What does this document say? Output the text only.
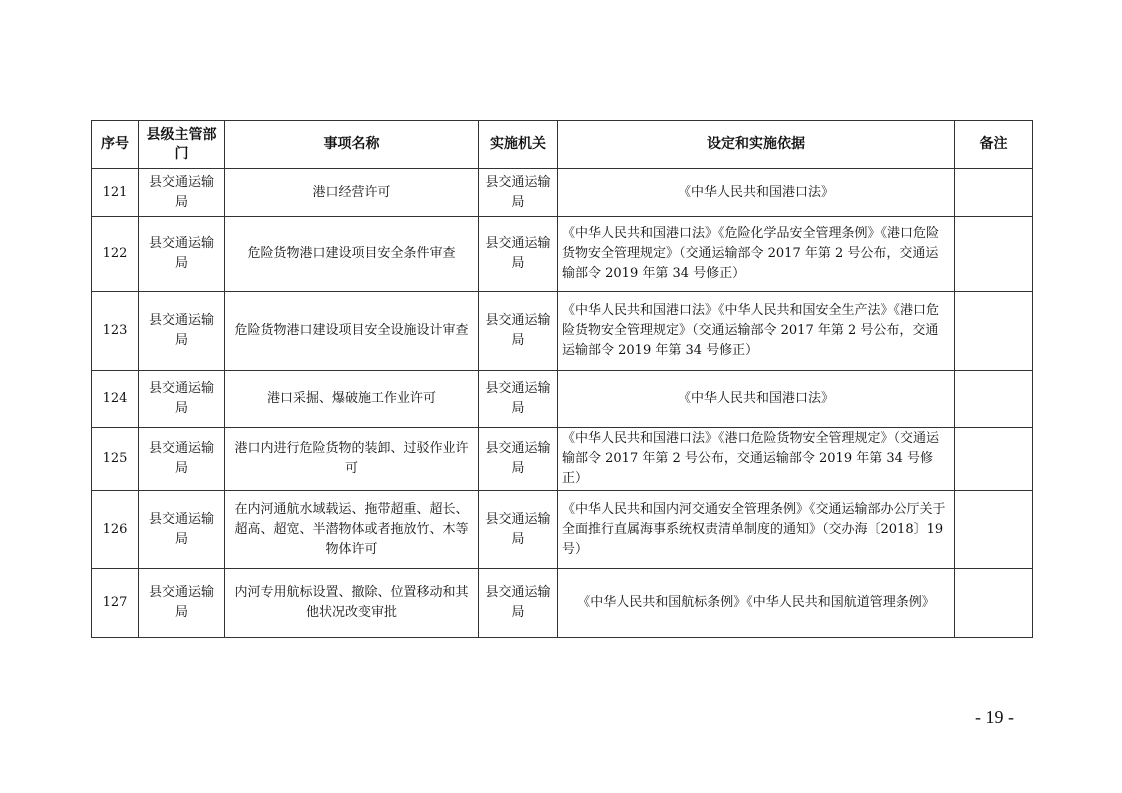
序号	县级主管部门	事项名称	实施机关	设定和实施依据	备注
121	县交通运输局	港口经营许可	县交通运输局	《中华人民共和国港口法》	
122	县交通运输局	危险货物港口建设项目安全条件审查	县交通运输局	《中华人民共和国港口法》《危险化学品安全管理条例》《港口危险货物安全管理规定》（交通运输部令 2017 年第 2 号公布，交通运输部令 2019 年第 34 号修正）	
123	县交通运输局	危险货物港口建设项目安全设施设计审查	县交通运输局	《中华人民共和国港口法》《中华人民共和国安全生产法》《港口危险货物安全管理规定》（交通运输部令 2017 年第 2 号公布，交通运输部令 2019 年第 34 号修正）	
124	县交通运输局	港口采掘、爆破施工作业许可	县交通运输局	《中华人民共和国港口法》	
125	县交通运输局	港口内进行危险货物的装卸、过驳作业许可	县交通运输局	《中华人民共和国港口法》《港口危险货物安全管理规定》（交通运输部令 2017 年第 2 号公布，交通运输部令 2019 年第 34 号修正）	
126	县交通运输局	在内河通航水域载运、拖带超重、超长、超高、超宽、半潜物体或者拖放竹、木等物体许可	县交通运输局	《中华人民共和国内河交通安全管理条例》《交通运输部办公厅关于全面推行直属海事系统权责清单制度的通知》（交办海〔2018〕19 号）	
127	县交通运输局	内河专用航标设置、撤除、位置移动和其他状况改变审批	县交通运输局	《中华人民共和国航标条例》《中华人民共和国航道管理条例》	
- 19 -
